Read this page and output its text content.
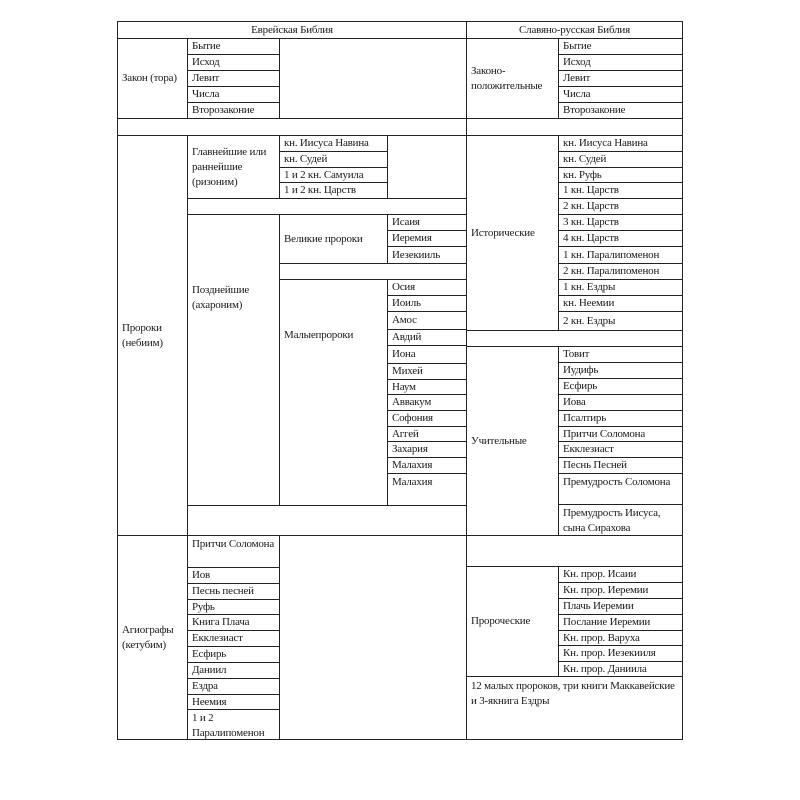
Еврейская Библия	Славяно-русская Библия
Закон (тора)
Бытие
Исход
Левит
Числа
Второзаконие
Пророки (небиим)
Главнейшие или раннейшие (ризоним)
кн. Иисуса Навина
кн. Судей
1 и 2 кн. Самуила
1 и 2 кн. Царств
Позднейшие (ахароним)
Великие пророки
Исаия
Иеремия
Иезекииль
Малыепророки
Осия
Иоиль
Амос
Авдий
Иона
Михей
Наум
Аввакум
Софония
Аггей
Захария
Малахия
Малахия
Агиографы (кетубим)
Притчи Соломона
Иов
Песнь песней
Руфь
Книга Плача
Екклезиаст
Есфирь
Даниил
Ездра
Неемия
1 и 2 Паралипоменон
Законо-положительные
Бытие
Исход
Левит
Числа
Второзаконие
Исторические
кн. Иисуса Навина
кн. Судей
кн. Руфь
1 кн. Царств
2 кн. Царств
3 кн. Царств
4 кн. Царств
1 кн. Паралипоменон
2 кн. Паралипоменон
1 кн. Ездры
кн. Неемии
2 кн. Ездры
Учительные
Товит
Иудифь
Есфирь
Иова
Псалтирь
Притчи Соломона
Екклезиаст
Премудрость Соломона
Премудрость Иисуса, сына Сирахова
Песнь Песней
Пророческие
Кн. прор. Исаии
Кн. прор. Иеремии
Плачь Иеремии
Послание Иеремии
Кн. прор. Варуха
Кн. прор. Иезекииля
Кн. прор. Даниила
12 малых пророков, три книги Маккавейские и 3-якнига Ездры
